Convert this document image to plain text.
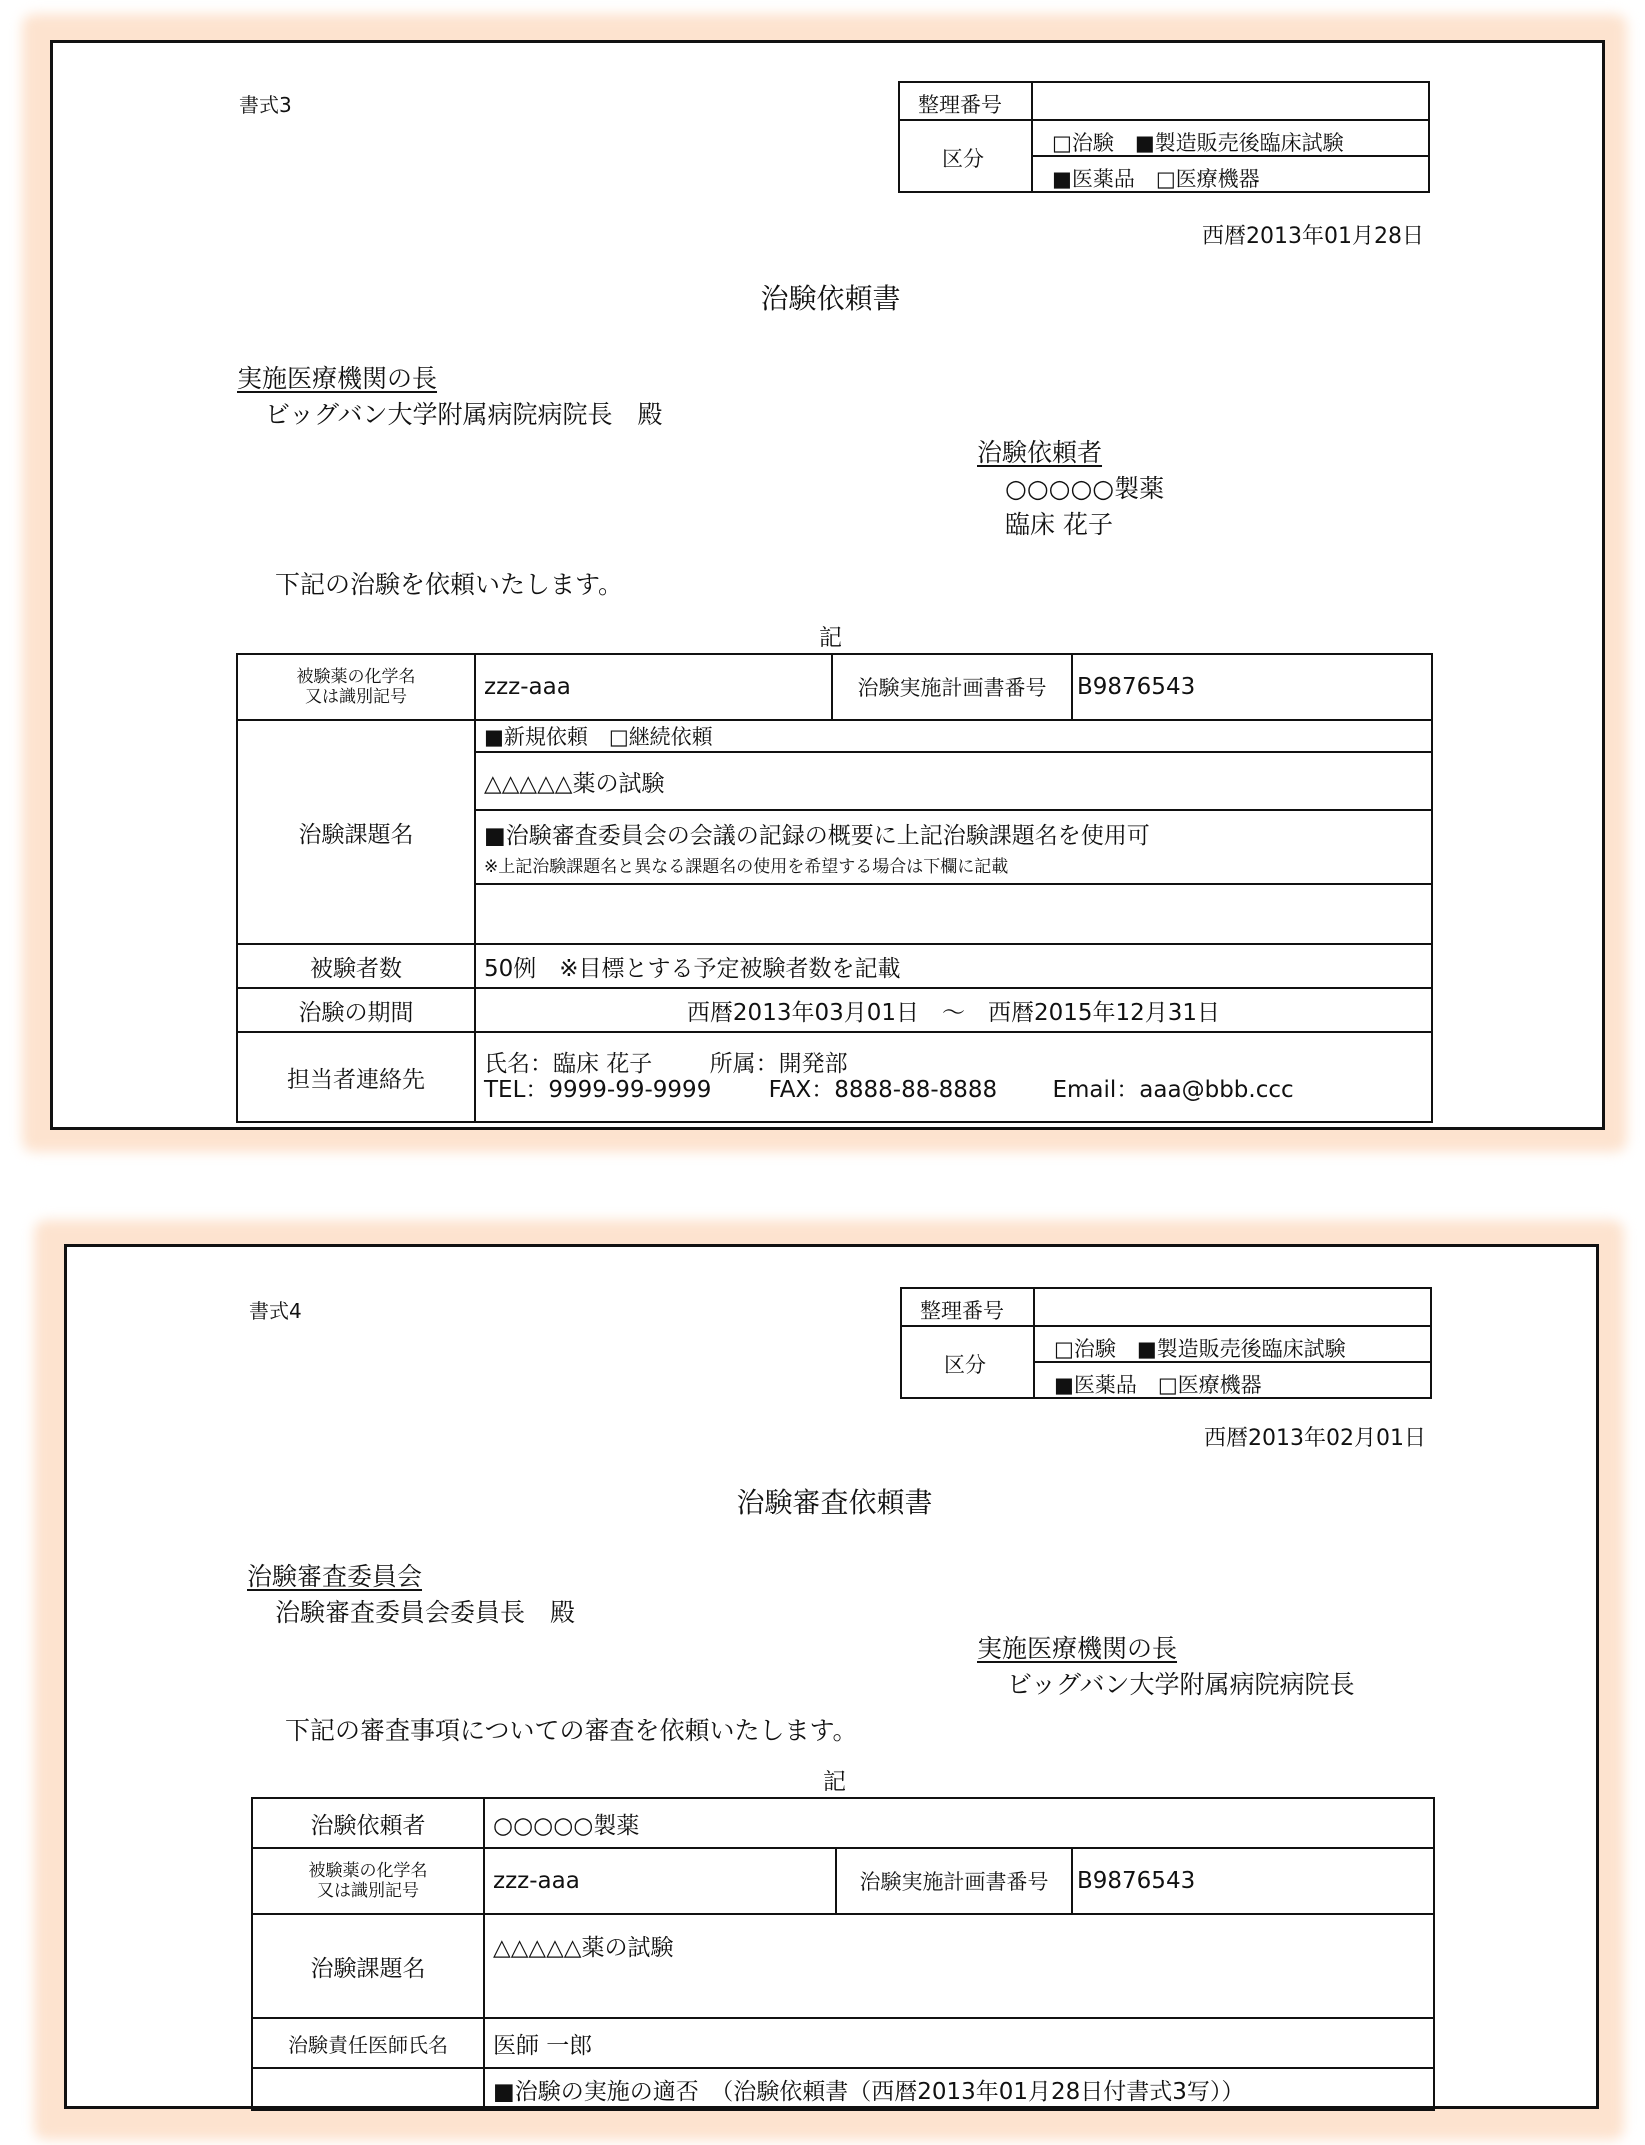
書式3	整理番号
区分
□治験　■製造販売後臨床試験
■医薬品　□医療機器
西暦2013年01月28日
治験依頼書
実施医療機関の長
ビッグバン大学附属病院病院長　殿
治験依頼者
○○○○○製薬
臨床 花子
下記の治験を依頼いたします。
記
被験薬の化学名
又は識別記号	zzz-aaa	治験実施計画書番号	B9876543
治験課題名	■新規依頼　□継続依頼		
	△△△△△薬の試験		
	■治験審査委員会の会議の記録の概要に上記治験課題名を使用可
※上記治験課題名と異なる課題名の使用を希望する場合は下欄に記載		

被験者数	50例　※目標とする予定被験者数を記載		
治験の期間	西暦2013年03月01日　～　西暦2015年12月31日		
担当者連絡先	氏名：臨床 花子 所属：開発部
TEL：9999-99-9999 FAX：8888-88-8888 Email：aaa@bbb.ccc		
書式4	整理番号
区分
□治験　■製造販売後臨床試験
■医薬品　□医療機器
西暦2013年02月01日
治験審査依頼書
治験審査委員会
治験審査委員会委員長　殿
実施医療機関の長
ビッグバン大学附属病院病院長
下記の審査事項についての審査を依頼いたします。
記
治験依頼者	○○○○○製薬		
被験薬の化学名
又は識別記号	zzz-aaa	治験実施計画書番号	B9876543
治験課題名	△△△△△薬の試験		
治験責任医師氏名	医師 一郎		
	■治験の実施の適否　（治験依頼書（西暦2013年01月28日付書式3写））		
